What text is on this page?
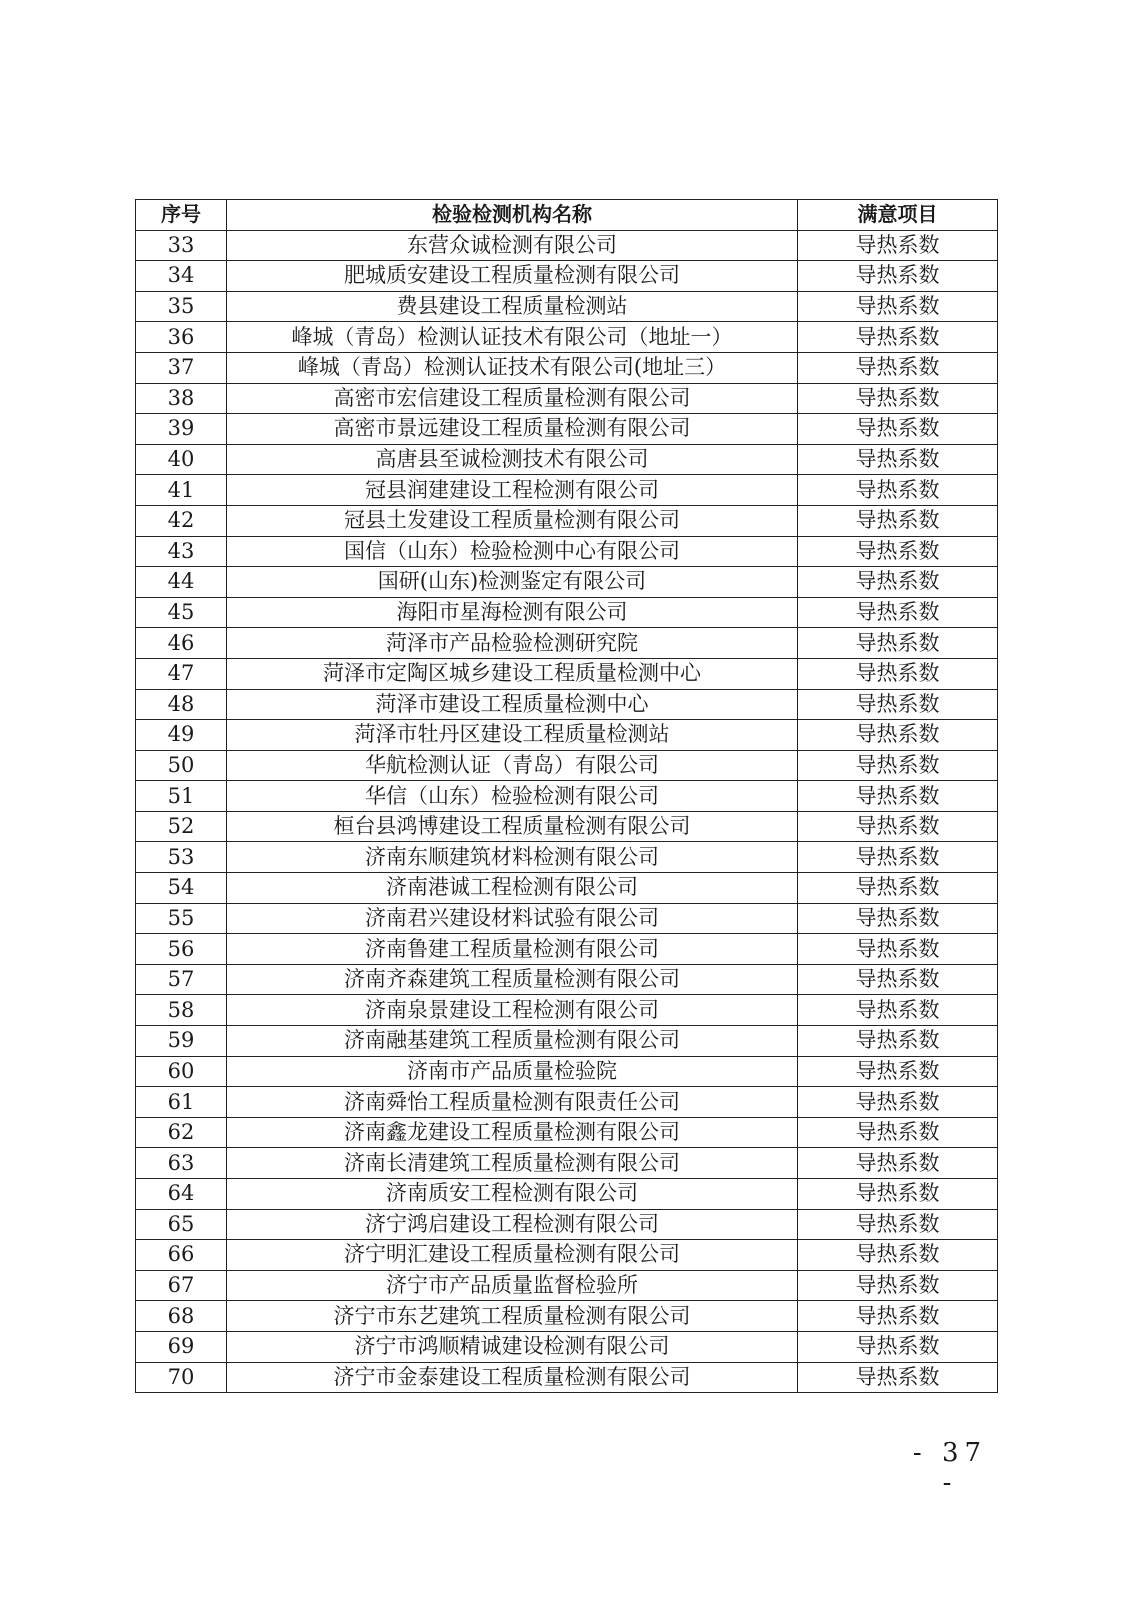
序号	检验检测机构名称	满意项目
33	东营众诚检测有限公司	导热系数
34	肥城质安建设工程质量检测有限公司	导热系数
35	费县建设工程质量检测站	导热系数
36	峰城（青岛）检测认证技术有限公司（地址一）	导热系数
37	峰城（青岛）检测认证技术有限公司(地址三）	导热系数
38	高密市宏信建设工程质量检测有限公司	导热系数
39	高密市景远建设工程质量检测有限公司	导热系数
40	高唐县至诚检测技术有限公司	导热系数
41	冠县润建建设工程检测有限公司	导热系数
42	冠县土发建设工程质量检测有限公司	导热系数
43	国信（山东）检验检测中心有限公司	导热系数
44	国研(山东)检测鉴定有限公司	导热系数
45	海阳市星海检测有限公司	导热系数
46	菏泽市产品检验检测研究院	导热系数
47	菏泽市定陶区城乡建设工程质量检测中心	导热系数
48	菏泽市建设工程质量检测中心	导热系数
49	菏泽市牡丹区建设工程质量检测站	导热系数
50	华航检测认证（青岛）有限公司	导热系数
51	华信（山东）检验检测有限公司	导热系数
52	桓台县鸿博建设工程质量检测有限公司	导热系数
53	济南东顺建筑材料检测有限公司	导热系数
54	济南港诚工程检测有限公司	导热系数
55	济南君兴建设材料试验有限公司	导热系数
56	济南鲁建工程质量检测有限公司	导热系数
57	济南齐森建筑工程质量检测有限公司	导热系数
58	济南泉景建设工程检测有限公司	导热系数
59	济南融基建筑工程质量检测有限公司	导热系数
60	济南市产品质量检验院	导热系数
61	济南舜怡工程质量检测有限责任公司	导热系数
62	济南鑫龙建设工程质量检测有限公司	导热系数
63	济南长清建筑工程质量检测有限公司	导热系数
64	济南质安工程检测有限公司	导热系数
65	济宁鸿启建设工程检测有限公司	导热系数
66	济宁明汇建设工程质量检测有限公司	导热系数
67	济宁市产品质量监督检验所	导热系数
68	济宁市东艺建筑工程质量检测有限公司	导热系数
69	济宁市鸿顺精诚建设检测有限公司	导热系数
70	济宁市金泰建设工程质量检测有限公司	导热系数
- 37 -
